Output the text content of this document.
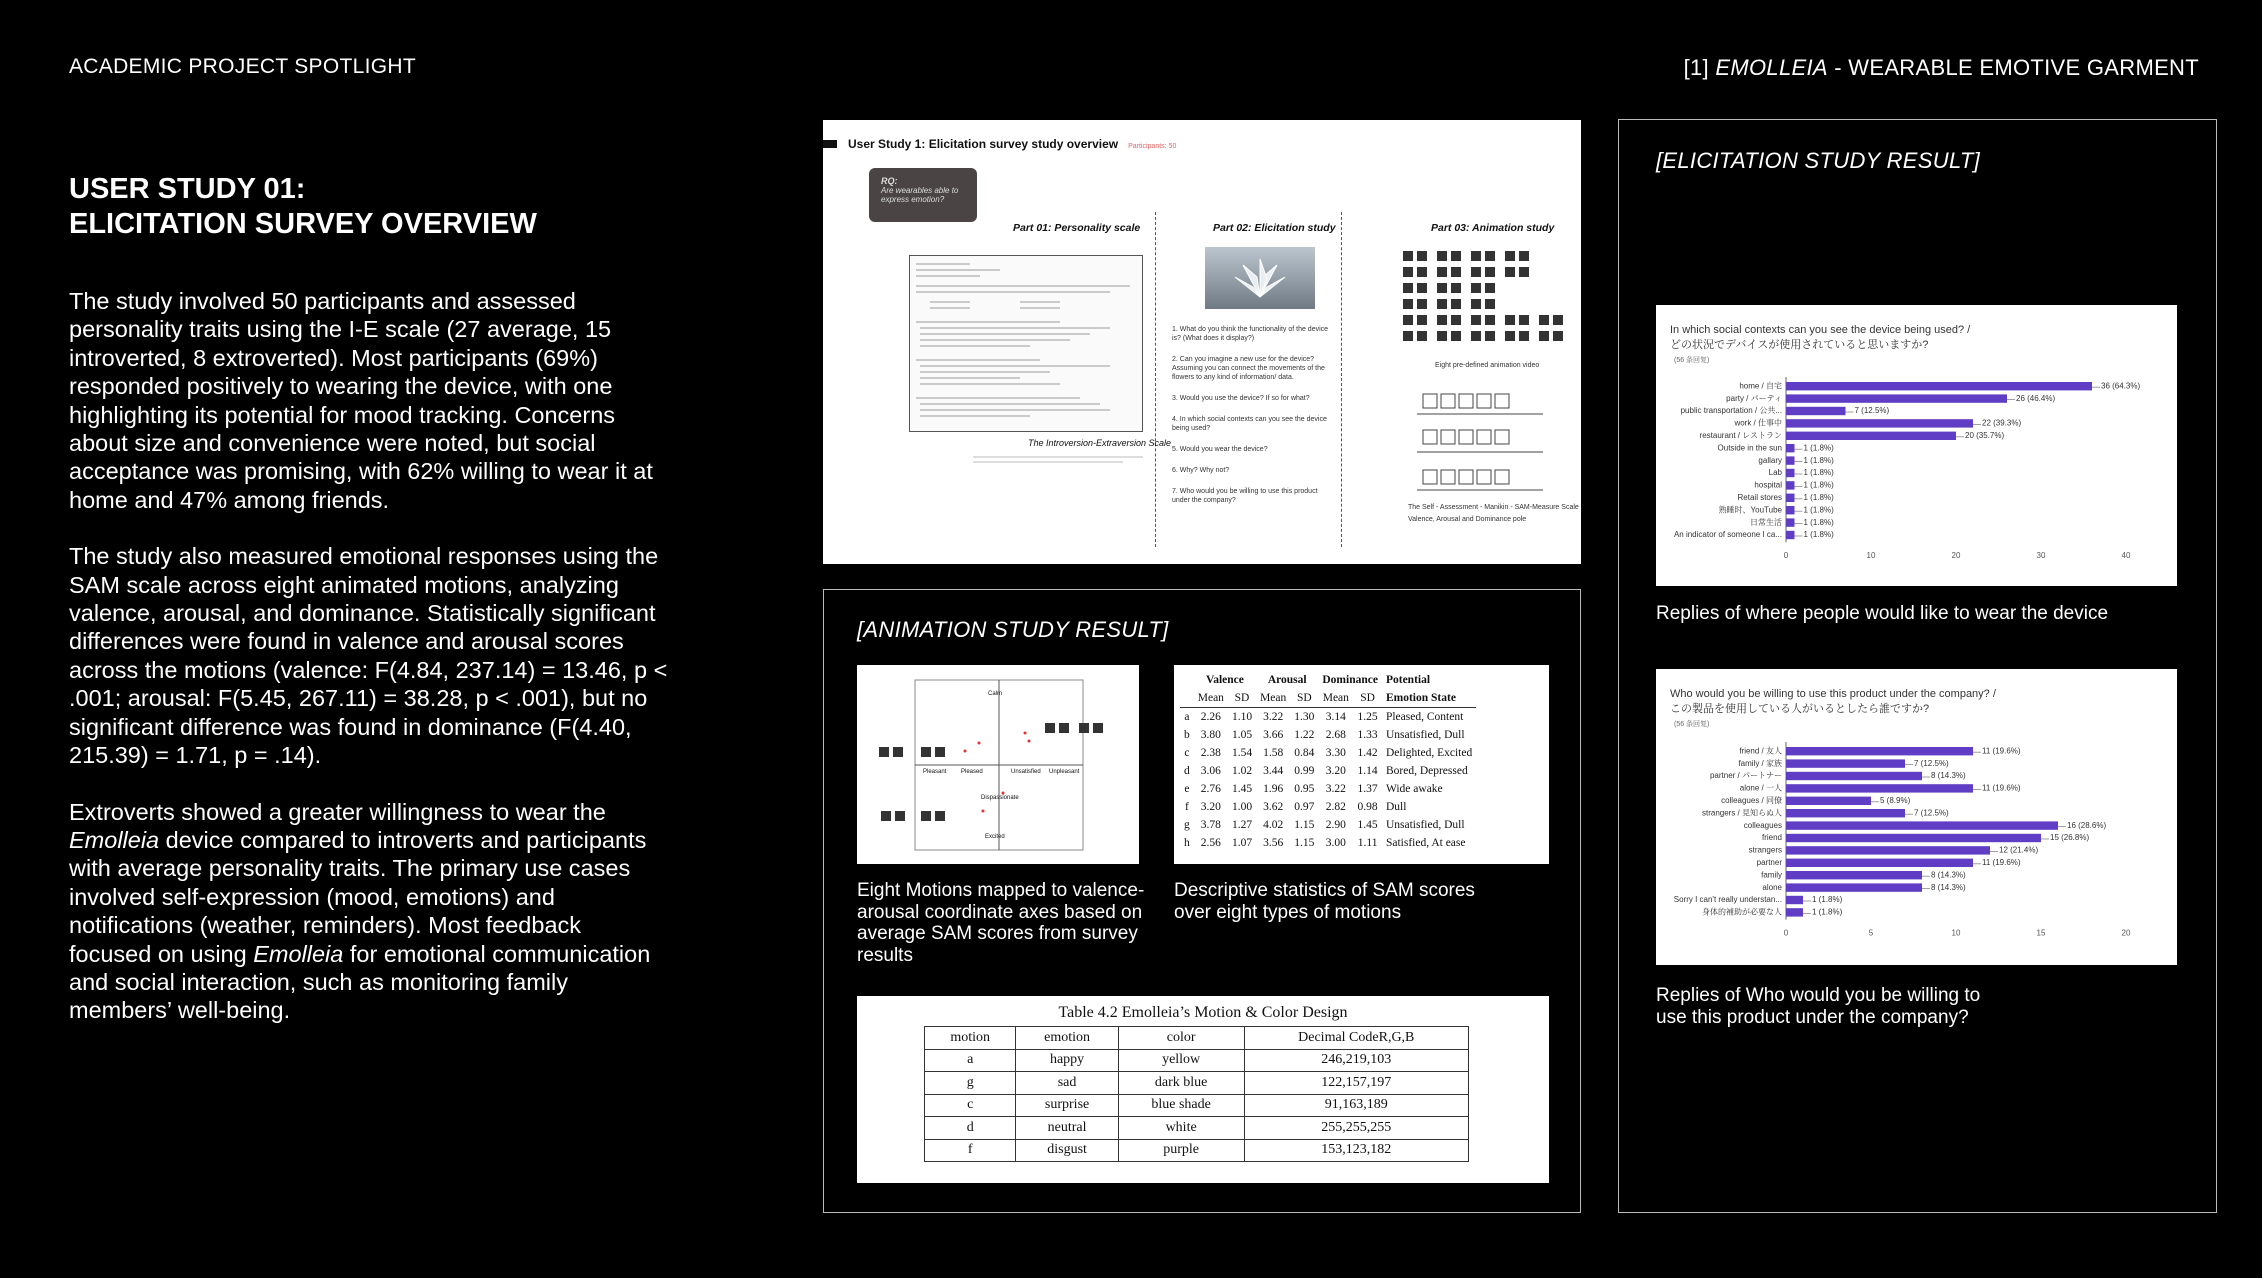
ACADEMIC PROJECT SPOTLIGHT	[1] EMOLLEIA - WEARABLE EMOTIVE GARMENT
USER STUDY 01:
ELICITATION SURVEY OVERVIEW

The study involved 50 participants and assessed personality traits using the I-E scale (27 average, 15 introverted, 8 extroverted). Most participants (69%) responded positively to wearing the device, with one highlighting its potential for mood tracking. Concerns about size and convenience were noted, but social acceptance was promising, with 62% willing to wear it at home and 47% among friends.

The study also measured emotional responses using the SAM scale across eight animated motions, analyzing valence, arousal, and dominance. Statistically significant differences were found in valence and arousal scores across the motions (valence: F(4.84, 237.14) = 13.46, p < .001; arousal: F(5.45, 267.11) = 38.28, p < .001), but no significant difference was found in dominance (F(4.40, 215.39) = 1.71, p = .14).

Extroverts showed a greater willingness to wear the Emolleia device compared to introverts and participants with average personality traits. The primary use cases involved self-expression (mood, emotions) and notifications (weather, reminders). Most feedback focused on using Emolleia for emotional communication and social interaction, such as monitoring family members’ well-being.

User Study 1: Elicitation survey study overview Participants: 50
RQ:
Are wearables able to express emotion?
Part 01: Personality scale	Part 02: Elicitation study	Part 03: Animation study
The Introversion-Extraversion Scale
1. What do you think the functionality of the device is? (What does it display?)
2. Can you imagine a new use for the device? Assuming you can connect the movements of the flowers to any kind of information/ data.
3. Would you use the device? If so for what?
4. In which social contexts can you see the device being used?
5. Would you wear the device?
6. Why? Why not?
7. Who would you be willing to use this product under the company?
Eight pre-defined animation video
The Self - Assessment - Manikin - SAM-Measure Scale
Valence, Arousal and Dominance pole
[ANIMATION STUDY RESULT]
Calm
Excited
Pleasant Pleased	Unsatisfied Unpleasant
Dispassionate
	Valence		Arousal		Dominance		Potential
	Mean	SD	Mean	SD	Mean	SD	Emotion State
a	2.26	1.10	3.22	1.30	3.14	1.25	Pleased, Content
b	3.80	1.05	3.66	1.22	2.68	1.33	Unsatisfied, Dull
c	2.38	1.54	1.58	0.84	3.30	1.42	Delighted, Excited
d	3.06	1.02	3.44	0.99	3.20	1.14	Bored, Depressed
e	2.76	1.45	1.96	0.95	3.22	1.37	Wide awake
f	3.20	1.00	3.62	0.97	2.82	0.98	Dull
g	3.78	1.27	4.02	1.15	2.90	1.45	Unsatisfied, Dull
h	2.56	1.07	3.56	1.15	3.00	1.11	Satisfied, At ease
Eight Motions mapped to valence-arousal coordinate axes based on average SAM scores from survey results
Descriptive statistics of SAM scores over eight types of motions
Table 4.2 Emolleia’s Motion & Color Design
motion	emotion	color	Decimal CodeR,G,B
a	happy	yellow	246,219,103
g	sad	dark blue	122,157,197
c	surprise	blue shade	91,163,189
d	neutral	white	255,255,255
f	disgust	purple	153,123,182
[ELICITATION STUDY RESULT]
In which social contexts can you see the device being used? /
どの状況でデバイスが使用されていると思いますか?
(56 条回复)
home / 自宅	36 (64.3%)
party / パーティ	26 (46.4%)
public transportation / 公共...	7 (12.5%)
work / 仕事中	22 (39.3%)
restaurant / レストラン	20 (35.7%)
Outside in the sun	1 (1.8%)
gallary	1 (1.8%)
Lab	1 (1.8%)
hospital	1 (1.8%)
Retail stores	1 (1.8%)
熟睡时、YouTube	1 (1.8%)
日常生活	1 (1.8%)
An indicator of someone I ca...	1 (1.8%)
0	10	20	30	40
Replies of where people would like to wear the device
Who would you be willing to use this product under the company? /
この製品を使用している人がいるとしたら誰ですか?
(56 条回复)
friend / 友人	11 (19.6%)
family / 家族	7 (12.5%)
partner / パートナー	8 (14.3%)
alone / 一人	11 (19.6%)
colleagues / 同僚	5 (8.9%)
strangers / 見知らぬ人	7 (12.5%)
colleagues	16 (28.6%)
friend	15 (26.8%)
strangers	12 (21.4%)
partner	11 (19.6%)
family	8 (14.3%)
alone	8 (14.3%)
Sorry I can't really understan...	1 (1.8%)
身体的補助が必要な人	1 (1.8%)
0	5	10	15	20
Replies of Who would you be willing to use this product under the company?
